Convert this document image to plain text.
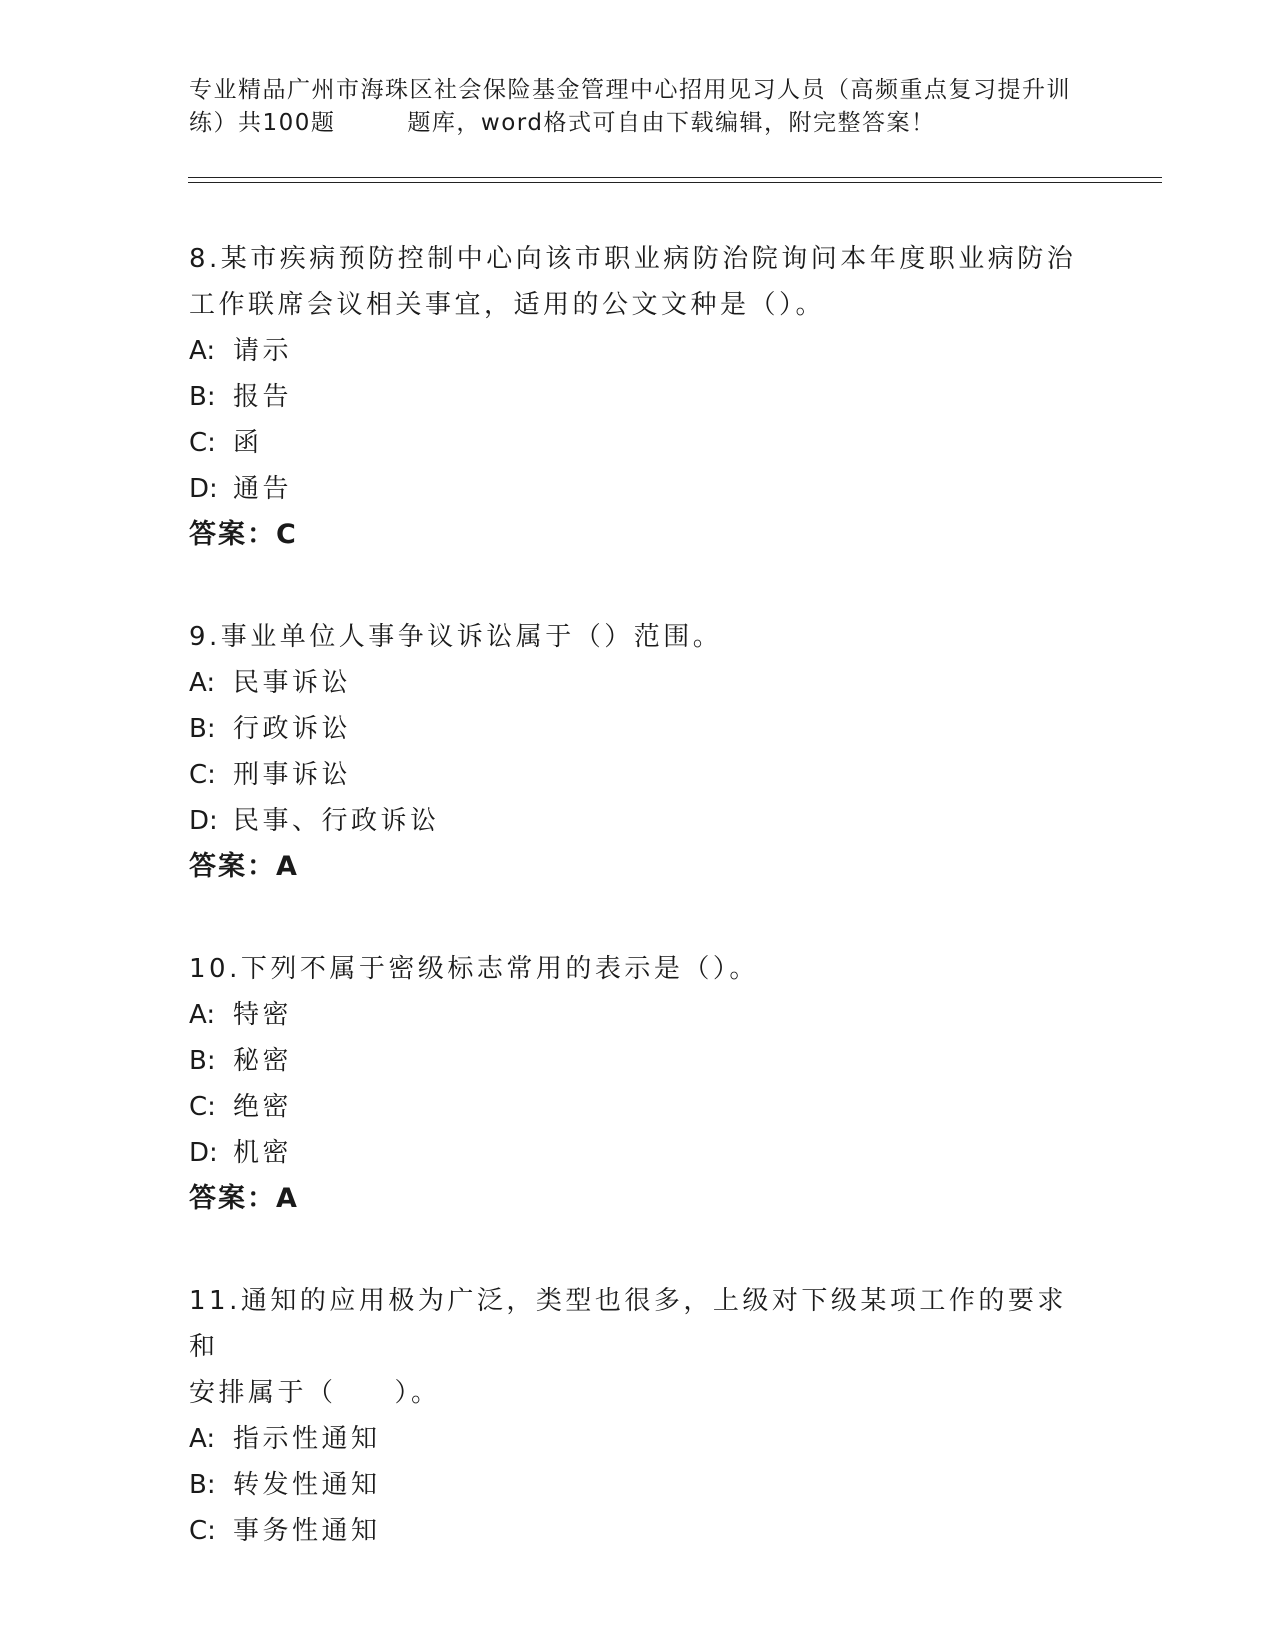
专业精品广州市海珠区社会保险基金管理中心招用见习人员（高频重点复习提升训
练）共100题	题库，word格式可自由下载编辑，附完整答案！
8.某市疾病预防控制中心向该市职业病防治院询问本年度职业病防治
工作联席会议相关事宜，适用的公文文种是（）。
A: 请示
B: 报告
C: 函
D: 通告
答案：C
9.事业单位人事争议诉讼属于（）范围。
A: 民事诉讼
B: 行政诉讼
C: 刑事诉讼
D: 民事、行政诉讼
答案：A
10.下列不属于密级标志常用的表示是（）。
A: 特密
B: 秘密
C: 绝密
D: 机密
答案：A
11.通知的应用极为广泛，类型也很多，上级对下级某项工作的要求和
安排属于（ ）。
A: 指示性通知
B: 转发性通知
C: 事务性通知
